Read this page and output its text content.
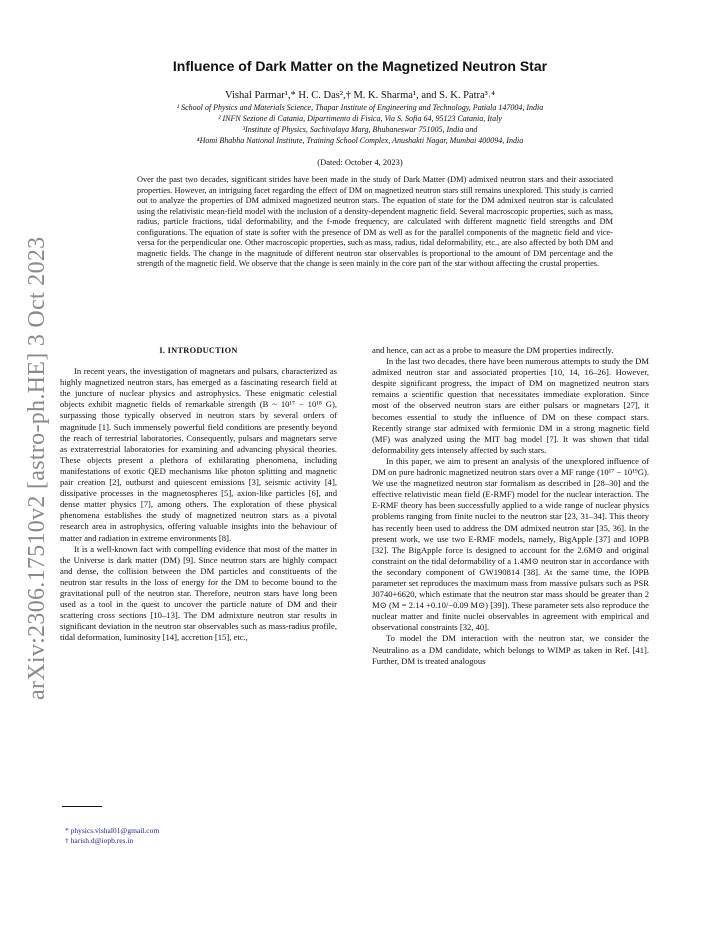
arXiv:2306.17510v2 [astro-ph.HE] 3 Oct 2023
Influence of Dark Matter on the Magnetized Neutron Star
Vishal Parmar¹,* H. C. Das²,† M. K. Sharma¹, and S. K. Patra³˒⁴
¹ School of Physics and Materials Science, Thapar Institute of Engineering and Technology, Patiala 147004, India
² INFN Sezione di Catania, Dipartimento di Fisica, Via S. Sofia 64, 95123 Catania, Italy
³Institute of Physics, Sachivalaya Marg, Bhubaneswar 751005, India and
⁴Homi Bhabha National Institute, Training School Complex, Anushakti Nagar, Mumbai 400094, India
(Dated: October 4, 2023)
Over the past two decades, significant strides have been made in the study of Dark Matter (DM) admixed neutron stars and their associated properties. However, an intriguing facet regarding the effect of DM on magnetized neutron stars still remains unexplored. This study is carried out to analyze the properties of DM admixed magnetized neutron stars. The equation of state for the DM admixed neutron star is calculated using the relativistic mean-field model with the inclusion of a density-dependent magnetic field. Several macroscopic properties, such as mass, radius, particle fractions, tidal deformability, and the f-mode frequency, are calculated with different magnetic field strengths and DM configurations. The equation of state is softer with the presence of DM as well as for the parallel components of the magnetic field and vice-versa for the perpendicular one. Other macroscopic properties, such as mass, radius, tidal deformability, etc., are also affected by both DM and magnetic fields. The change in the magnitude of different neutron star observables is proportional to the amount of DM percentage and the strength of the magnetic field. We observe that the change is seen mainly in the core part of the star without affecting the crustal properties.
I. INTRODUCTION

In recent years, the investigation of magnetars and pulsars, characterized as highly magnetized neutron stars, has emerged as a fascinating research field at the juncture of nuclear physics and astrophysics. These enigmatic celestial objects exhibit magnetic fields of remarkable strength (B ~ 10¹⁷ − 10¹⁸ G), surpassing those typically observed in neutron stars by several orders of magnitude [1]. Such immensely powerful field conditions are presently beyond the reach of terrestrial laboratories. Consequently, pulsars and magnetars serve as extraterrestrial laboratories for examining and advancing physical theories. These objects present a plethora of exhilarating phenomena, including manifestations of exotic QED mechanisms like photon splitting and magnetic pair creation [2], outburst and quiescent emissions [3], seismic activity [4], dissipative processes in the magnetospheres [5], axion-like particles [6], and dense matter physics [7], among others. The exploration of these physical phenomena establishes the study of magnetized neutron stars as a pivotal research area in astrophysics, offering valuable insights into the behaviour of matter and radiation in extreme environments [8].

It is a well-known fact with compelling evidence that most of the matter in the Universe is dark matter (DM) [9]. Since neutron stars are highly compact and dense, the collision between the DM particles and constituents of the neutron star results in the loss of energy for the DM to become bound to the gravitational pull of the neutron star. Therefore, neutron stars have long been used as a tool in the quest to uncover the particle nature of DM and their scattering cross sections [10–13]. The DM admixture neutron star results in significant deviation in the neutron star observables such as mass-radius profile, tidal deformation, luminosity [14], accretion [15], etc.,

and hence, can act as a probe to measure the DM properties indirectly.

In the last two decades, there have been numerous attempts to study the DM admixed neutron star and associated properties [10, 14, 16–26]. However, despite significant progress, the impact of DM on magnetized neutron stars remains a scientific question that necessitates immediate exploration. Since most of the observed neutron stars are either pulsars or magnetars [27], it becomes essential to study the influence of DM on these compact stars. Recently strange star admixed with fermionic DM in a strong magnetic field (MF) was analyzed using the MIT bag model [7]. It was shown that tidal deformability gets intensely affected by such stars.

In this paper, we aim to present an analysis of the unexplored influence of DM on pure hadronic magnetized neutron stars over a MF range (10¹⁷ − 10¹⁹G). We use the magnetized neutron star formalism as described in [28–30] and the effective relativistic mean field (E-RMF) model for the nuclear interaction. The E-RMF theory has been successfully applied to a wide range of nuclear physics problems ranging from finite nuclei to the neutron star [23, 31–34]. This theory has recently been used to address the DM admixed neutron star [35, 36]. In the present work, we use two E-RMF models, namely, BigApple [37] and IOPB [32]. The BigApple force is designed to account for the 2.6M⊙ and original constraint on the tidal deformability of a 1.4M⊙ neutron star in accordance with the secondary component of GW190814 [38]. At the same time, the IOPB parameter set reproduces the maximum mass from massive pulsars such as PSR J0740+6620, which estimate that the neutron star mass should be greater than 2 M⊙ (M = 2.14 +0.10/−0.09 M⊙) [39]). These parameter sets also reproduce the nuclear matter and finite nuclei observables in agreement with empirical and observational constraints [32, 40].

To model the DM interaction with the neutron star, we consider the Neutralino as a DM candidate, which belongs to WIMP as taken in Ref. [41]. Further, DM is treated analogous

* physics.vishal01@gmail.com
† harish.d@iopb.res.in
